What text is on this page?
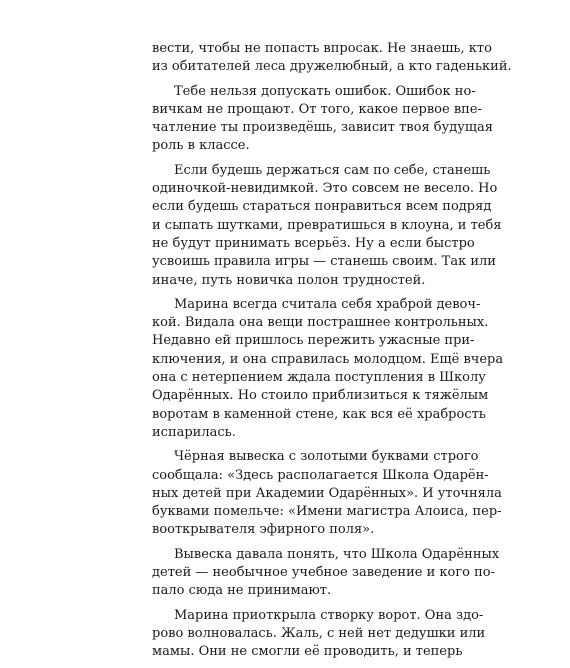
вести, чтобы не попасть впросак. Не знаешь, кто
из обитателей леса дружелюбный, а кто гаденький.
Тебе нельзя допускать ошибок. Ошибок но-
вичкам не прощают. От того, какое первое впе-
чатление ты произведёшь, зависит твоя будущая
роль в классе.
Если будешь держаться сам по себе, станешь
одиночкой-невидимкой. Это совсем не весело. Но
если будешь стараться понравиться всем подряд
и сыпать шутками, превратишься в клоуна, и тебя
не будут принимать всерьёз. Ну а если быстро
усвоишь правила игры — станешь своим. Так или
иначе, путь новичка полон трудностей.
Марина всегда считала себя храброй девоч-
кой. Видала она вещи пострашнее контрольных.
Недавно ей пришлось пережить ужасные при-
ключения, и она справилась молодцом. Ещё вчера
она с нетерпением ждала поступления в Школу
Одарённых. Но стоило приблизиться к тяжёлым
воротам в каменной стене, как вся её храбрость
испарилась.
Чёрная вывеска с золотыми буквами строго
сообщала: «Здесь располагается Школа Одарён-
ных детей при Академии Одарённых». И уточняла
буквами помельче: «Имени магистра Алоиса, пер-
вооткрывателя эфирного поля».
Вывеска давала понять, что Школа Одарённых
детей — необычное учебное заведение и кого по-
пало сюда не принимают.
Марина приоткрыла створку ворот. Она здо-
рово волновалась. Жаль, с ней нет дедушки или
мамы. Они не смогли её проводить, и теперь
